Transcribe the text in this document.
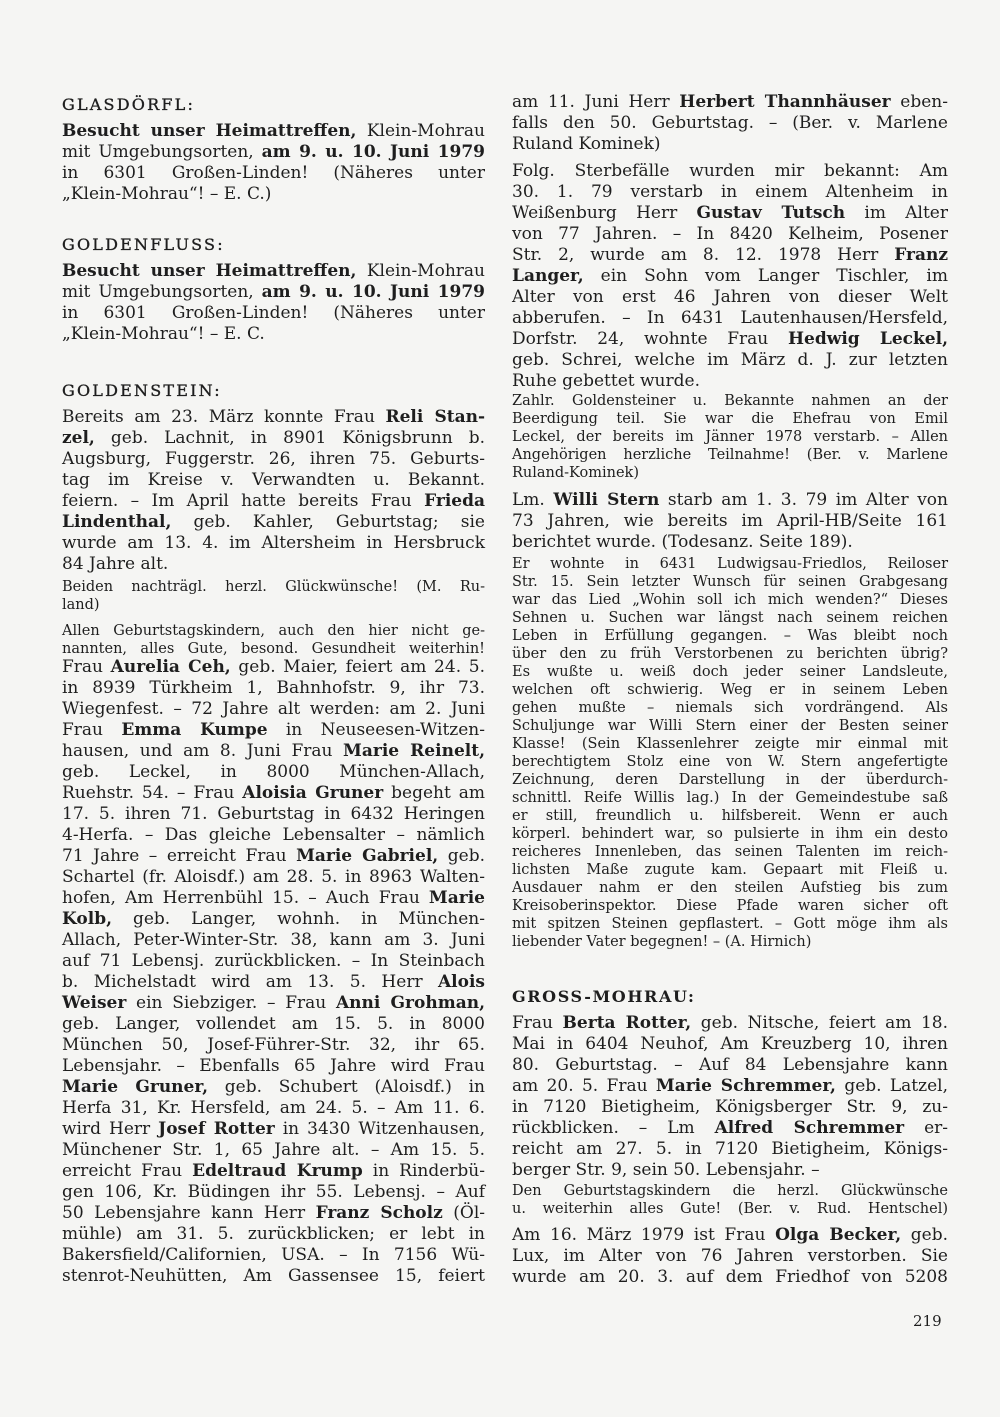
GLASDÖRFL:
Besucht unser Heimattreffen, Klein-Mohrau
mit Umgebungsorten, am 9. u. 10. Juni 1979
in 6301 Großen-Linden! (Näheres unter
„Klein-Mohrau“! – E. C.)
GOLDENFLUSS:
Besucht unser Heimattreffen, Klein-Mohrau
mit Umgebungsorten, am 9. u. 10. Juni 1979
in 6301 Großen-Linden! (Näheres unter
„Klein-Mohrau“! – E. C.
GOLDENSTEIN:
Bereits am 23. März konnte Frau Reli Stan-
zel, geb. Lachnit, in 8901 Königsbrunn b.
Augsburg, Fuggerstr. 26, ihren 75. Geburts-
tag im Kreise v. Verwandten u. Bekannt.
feiern. – Im April hatte bereits Frau Frieda
Lindenthal, geb. Kahler, Geburtstag; sie
wurde am 13. 4. im Altersheim in Hersbruck
84 Jahre alt.
Beiden nachträgl. herzl. Glückwünsche! (M. Ru-
land)
Allen Geburtstagskindern, auch den hier nicht ge-
nannten, alles Gute, besond. Gesundheit weiterhin!
Frau Aurelia Ceh, geb. Maier, feiert am 24. 5.
in 8939 Türkheim 1, Bahnhofstr. 9, ihr 73.
Wiegenfest. – 72 Jahre alt werden: am 2. Juni
Frau Emma Kumpe in Neuseesen-Witzen-
hausen, und am 8. Juni Frau Marie Reinelt,
geb. Leckel, in 8000 München-Allach,
Ruehstr. 54. – Frau Aloisia Gruner begeht am
17. 5. ihren 71. Geburtstag in 6432 Heringen
4-Herfa. – Das gleiche Lebensalter – nämlich
71 Jahre – erreicht Frau Marie Gabriel, geb.
Schartel (fr. Aloisdf.) am 28. 5. in 8963 Walten-
hofen, Am Herrenbühl 15. – Auch Frau Marie
Kolb, geb. Langer, wohnh. in München-
Allach, Peter-Winter-Str. 38, kann am 3. Juni
auf 71 Lebensj. zurückblicken. – In Steinbach
b. Michelstadt wird am 13. 5. Herr Alois
Weiser ein Siebziger. – Frau Anni Grohman,
geb. Langer, vollendet am 15. 5. in 8000
München 50, Josef-Führer-Str. 32, ihr 65.
Lebensjahr. – Ebenfalls 65 Jahre wird Frau
Marie Gruner, geb. Schubert (Aloisdf.) in
Herfa 31, Kr. Hersfeld, am 24. 5. – Am 11. 6.
wird Herr Josef Rotter in 3430 Witzenhausen,
Münchener Str. 1, 65 Jahre alt. – Am 15. 5.
erreicht Frau Edeltraud Krump in Rinderbü-
gen 106, Kr. Büdingen ihr 55. Lebensj. – Auf
50 Lebensjahre kann Herr Franz Scholz (Öl-
mühle) am 31. 5. zurückblicken; er lebt in
Bakersfield/Californien, USA. – In 7156 Wü-
stenrot-Neuhütten, Am Gassensee 15, feiert
am 11. Juni Herr Herbert Thannhäuser eben-
falls den 50. Geburtstag. – (Ber. v. Marlene
Ruland Kominek)
Folg. Sterbefälle wurden mir bekannt: Am
30. 1. 79 verstarb in einem Altenheim in
Weißenburg Herr Gustav Tutsch im Alter
von 77 Jahren. – In 8420 Kelheim, Posener
Str. 2, wurde am 8. 12. 1978 Herr Franz
Langer, ein Sohn vom Langer Tischler, im
Alter von erst 46 Jahren von dieser Welt
abberufen. – In 6431 Lautenhausen/Hersfeld,
Dorfstr. 24, wohnte Frau Hedwig Leckel,
geb. Schrei, welche im März d. J. zur letzten
Ruhe gebettet wurde.
Zahlr. Goldensteiner u. Bekannte nahmen an der
Beerdigung teil. Sie war die Ehefrau von Emil
Leckel, der bereits im Jänner 1978 verstarb. – Allen
Angehörigen herzliche Teilnahme! (Ber. v. Marlene
Ruland-Kominek)
Lm. Willi Stern starb am 1. 3. 79 im Alter von
73 Jahren, wie bereits im April-HB/Seite 161
berichtet wurde. (Todesanz. Seite 189).
Er wohnte in 6431 Ludwigsau-Friedlos, Reiloser
Str. 15. Sein letzter Wunsch für seinen Grabgesang
war das Lied „Wohin soll ich mich wenden?“ Dieses
Sehnen u. Suchen war längst nach seinem reichen
Leben in Erfüllung gegangen. – Was bleibt noch
über den zu früh Verstorbenen zu berichten übrig?
Es wußte u. weiß doch jeder seiner Landsleute,
welchen oft schwierig. Weg er in seinem Leben
gehen mußte – niemals sich vordrängend. Als
Schuljunge war Willi Stern einer der Besten seiner
Klasse! (Sein Klassenlehrer zeigte mir einmal mit
berechtigtem Stolz eine von W. Stern angefertigte
Zeichnung, deren Darstellung in der überdurch-
schnittl. Reife Willis lag.) In der Gemeindestube saß
er still, freundlich u. hilfsbereit. Wenn er auch
körperl. behindert war, so pulsierte in ihm ein desto
reicheres Innenleben, das seinen Talenten im reich-
lichsten Maße zugute kam. Gepaart mit Fleiß u.
Ausdauer nahm er den steilen Aufstieg bis zum
Kreisoberinspektor. Diese Pfade waren sicher oft
mit spitzen Steinen gepflastert. – Gott möge ihm als
liebender Vater begegnen! – (A. Hirnich)
GROSS-MOHRAU:
Frau Berta Rotter, geb. Nitsche, feiert am 18.
Mai in 6404 Neuhof, Am Kreuzberg 10, ihren
80. Geburtstag. – Auf 84 Lebensjahre kann
am 20. 5. Frau Marie Schremmer, geb. Latzel,
in 7120 Bietigheim, Königsberger Str. 9, zu-
rückblicken. – Lm Alfred Schremmer er-
reicht am 27. 5. in 7120 Bietigheim, Königs-
berger Str. 9, sein 50. Lebensjahr. –
Den Geburtstagskindern die herzl. Glückwünsche
u. weiterhin alles Gute! (Ber. v. Rud. Hentschel)
Am 16. März 1979 ist Frau Olga Becker, geb.
Lux, im Alter von 76 Jahren verstorben. Sie
wurde am 20. 3. auf dem Friedhof von 5208
219
